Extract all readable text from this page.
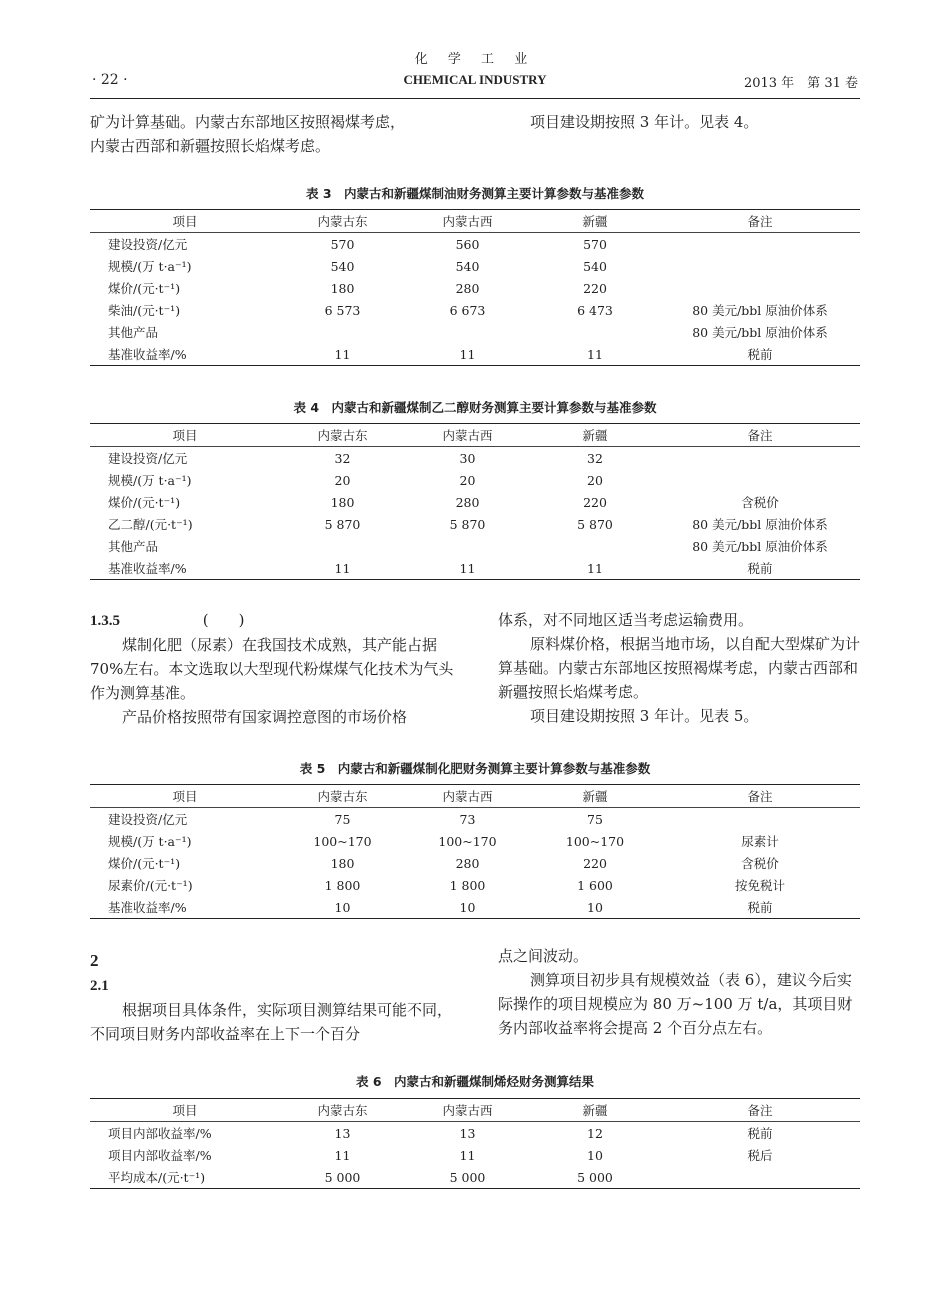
化 学 工 业
· 22 ·	CHEMICAL INDUSTRY	2013 年　第 31 卷
矿为计算基础。内蒙古东部地区按照褐煤考虑，
内蒙古西部和新疆按照长焰煤考虑。
项目建设期按照 3 年计。见表 4。
表 3　内蒙古和新疆煤制油财务测算主要计算参数与基准参数
项目	内蒙古东	内蒙古西	新疆	备注
建设投资/亿元	570	560	570	
规模/(万 t·a⁻¹)	540	540	540	
煤价/(元·t⁻¹)	180	280	220	
柴油/(元·t⁻¹)	6 573	6 673	6 473	80 美元/bbl 原油价体系
其他产品				80 美元/bbl 原油价体系
基准收益率/%	11	11	11	税前
表 4　内蒙古和新疆煤制乙二醇财务测算主要计算参数与基准参数
项目	内蒙古东	内蒙古西	新疆	备注
建设投资/亿元	32	30	32	
规模/(万 t·a⁻¹)	20	20	20	
煤价/(元·t⁻¹)	180	280	220	含税价
乙二醇/(元·t⁻¹)	5 870	5 870	5 870	80 美元/bbl 原油价体系
其他产品				80 美元/bbl 原油价体系
基准收益率/%	11	11	11	税前
1.3.5	(　　)

煤制化肥（尿素）在我国技术成熟，其产能占据 70%左右。本文选取以大型现代粉煤煤气化技术为气头作为测算基准。

产品价格按照带有国家调控意图的市场价格

体系，对不同地区适当考虑运输费用。

原料煤价格，根据当地市场，以自配大型煤矿为计算基础。内蒙古东部地区按照褐煤考虑，内蒙古西部和新疆按照长焰煤考虑。

项目建设期按照 3 年计。见表 5。

表 5　内蒙古和新疆煤制化肥财务测算主要计算参数与基准参数
项目	内蒙古东	内蒙古西	新疆	备注
建设投资/亿元	75	73	75	
规模/(万 t·a⁻¹)	100~170	100~170	100~170	尿素计
煤价/(元·t⁻¹)	180	280	220	含税价
尿素价/(元·t⁻¹)	1 800	1 800	1 600	按免税计
基准收益率/%	10	10	10	税前
2
2.1

根据项目具体条件，实际项目测算结果可能不同，不同项目财务内部收益率在上下一个百分

点之间波动。

测算项目初步具有规模效益（表 6），建议今后实际操作的项目规模应为 80 万~100 万 t/a，其项目财务内部收益率将会提高 2 个百分点左右。

表 6　内蒙古和新疆煤制烯烃财务测算结果
项目	内蒙古东	内蒙古西	新疆	备注
项目内部收益率/%	13	13	12	税前
项目内部收益率/%	11	11	10	税后
平均成本/(元·t⁻¹)	5 000	5 000	5 000	
